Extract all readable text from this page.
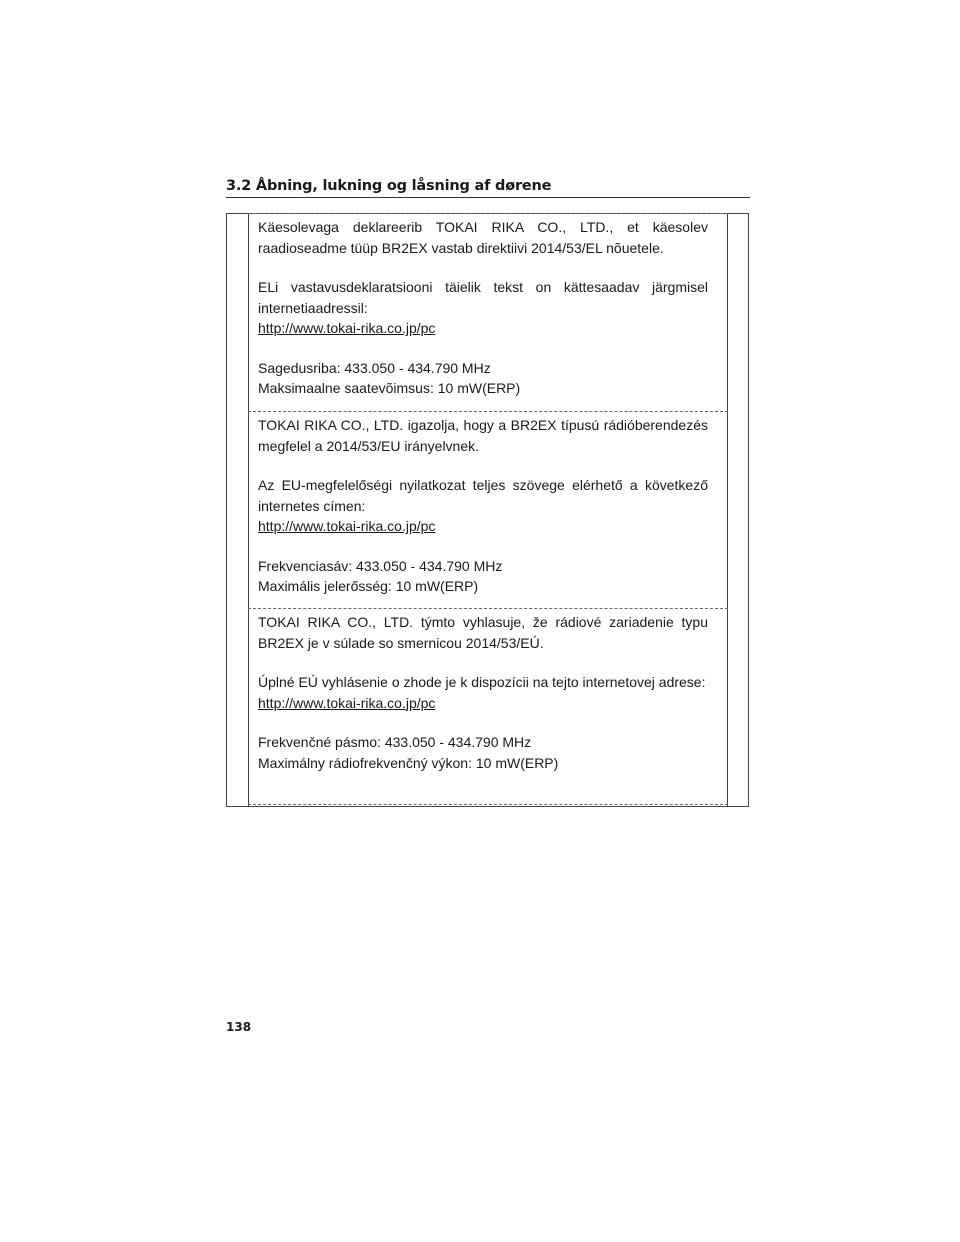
3.2 Åbning, lukning og låsning af dørene

Käesolevaga deklareerib TOKAI RIKA CO., LTD., et käesolev raadioseadme tüüp BR2EX vastab direktiivi 2014/53/EL nõuetele.

ELi vastavusdeklaratsiooni täielik tekst on kättesaadav järgmisel internetiaadressil:
http://www.tokai-rika.co.jp/pc

Sagedusriba: 433.050 - 434.790 MHz
Maksimaalne saatevõimsus: 10 mW(ERP)

TOKAI RIKA CO., LTD. igazolja, hogy a BR2EX típusú rádióberendezés megfelel a 2014/53/EU irányelvnek.

Az EU-megfelelőségi nyilatkozat teljes szövege elérhető a következő internetes címen:
http://www.tokai-rika.co.jp/pc

Frekvenciasáv: 433.050 - 434.790 MHz
Maximális jelerősség: 10 mW(ERP)

TOKAI RIKA CO., LTD. týmto vyhlasuje, že rádiové zariadenie typu BR2EX je v súlade so smernicou 2014/53/EÚ.

Úplné EÚ vyhlásenie o zhode je k dispozícii na tejto internetovej adrese:
http://www.tokai-rika.co.jp/pc

Frekvenčné pásmo: 433.050 - 434.790 MHz
Maximálny rádiofrekvenčný výkon: 10 mW(ERP)

138
